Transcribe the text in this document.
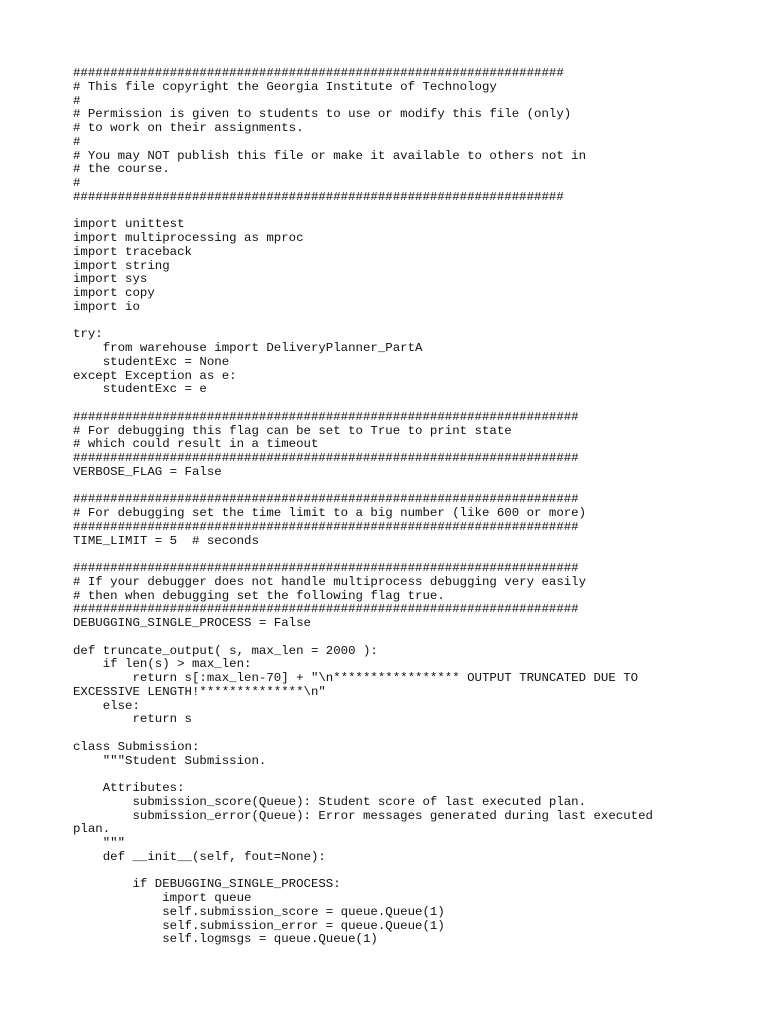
##################################################################
# This file copyright the Georgia Institute of Technology
#
# Permission is given to students to use or modify this file (only)
# to work on their assignments.
#
# You may NOT publish this file or make it available to others not in
# the course.
#
##################################################################
import unittest
import multiprocessing as mproc
import traceback
import string
import sys
import copy
import io
try:
from warehouse import DeliveryPlanner_PartA
studentExc = None
except Exception as e:
studentExc = e
####################################################################
# For debugging this flag can be set to True to print state
# which could result in a timeout
####################################################################
VERBOSE_FLAG = False
####################################################################
# For debugging set the time limit to a big number (like 600 or more)
####################################################################
TIME_LIMIT = 5  # seconds
####################################################################
# If your debugger does not handle multiprocess debugging very easily
# then when debugging set the following flag true.
####################################################################
DEBUGGING_SINGLE_PROCESS = False
def truncate_output( s, max_len = 2000 ):
if len(s) > max_len:
return s[:max_len-70] + "\n***************** OUTPUT TRUNCATED DUE TO
EXCESSIVE LENGTH!**************\n"
else:
return s
class Submission:
"""Student Submission.
Attributes:
submission_score(Queue): Student score of last executed plan.
submission_error(Queue): Error messages generated during last executed
plan.
"""
def __init__(self, fout=None):
if DEBUGGING_SINGLE_PROCESS:
import queue
self.submission_score = queue.Queue(1)
self.submission_error = queue.Queue(1)
self.logmsgs = queue.Queue(1)
